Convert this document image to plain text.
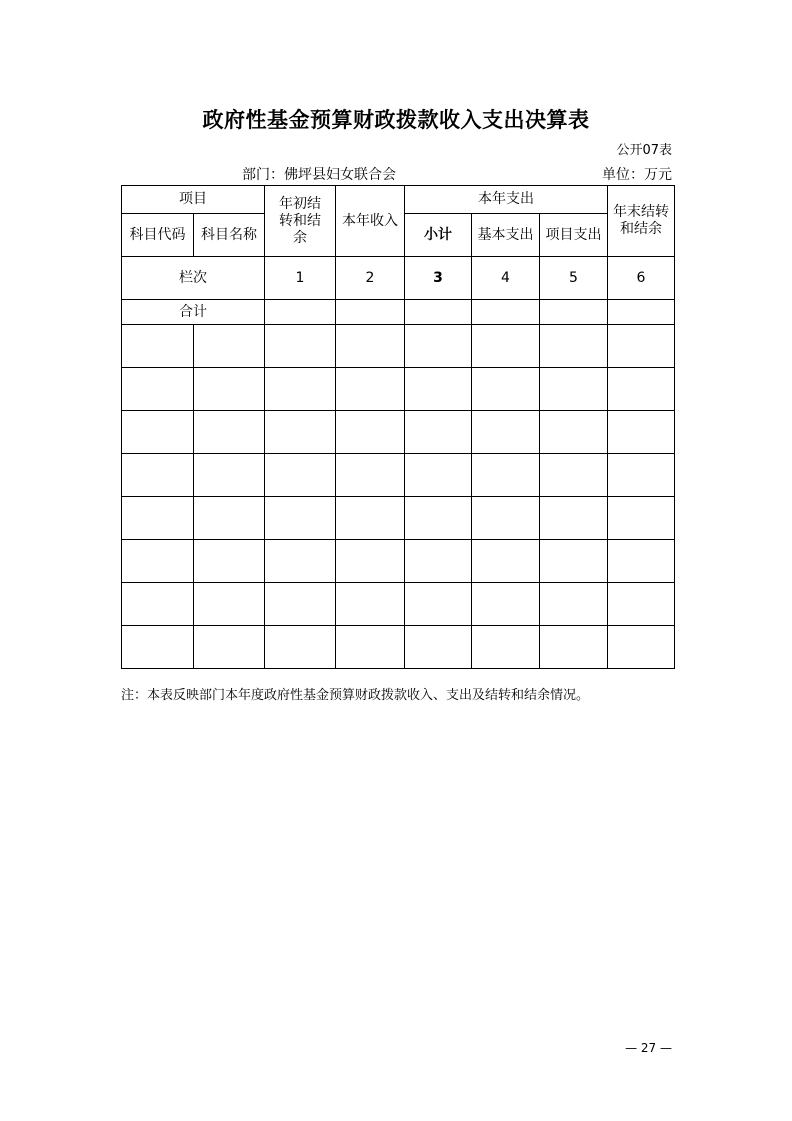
政府性基金预算财政拨款收入支出决算表
公开07表
部门：佛坪县妇女联合会	单位：万元
项目		年初结转和结余	本年收入	本年支出			年末结转和结余

科目代码	科目名称			小计	基本支出	项目支出	
栏次		1	2	3	4	5	6
合计							

注：本表反映部门本年度政府性基金预算财政拨款收入、支出及结转和结余情况。
— 27 —
